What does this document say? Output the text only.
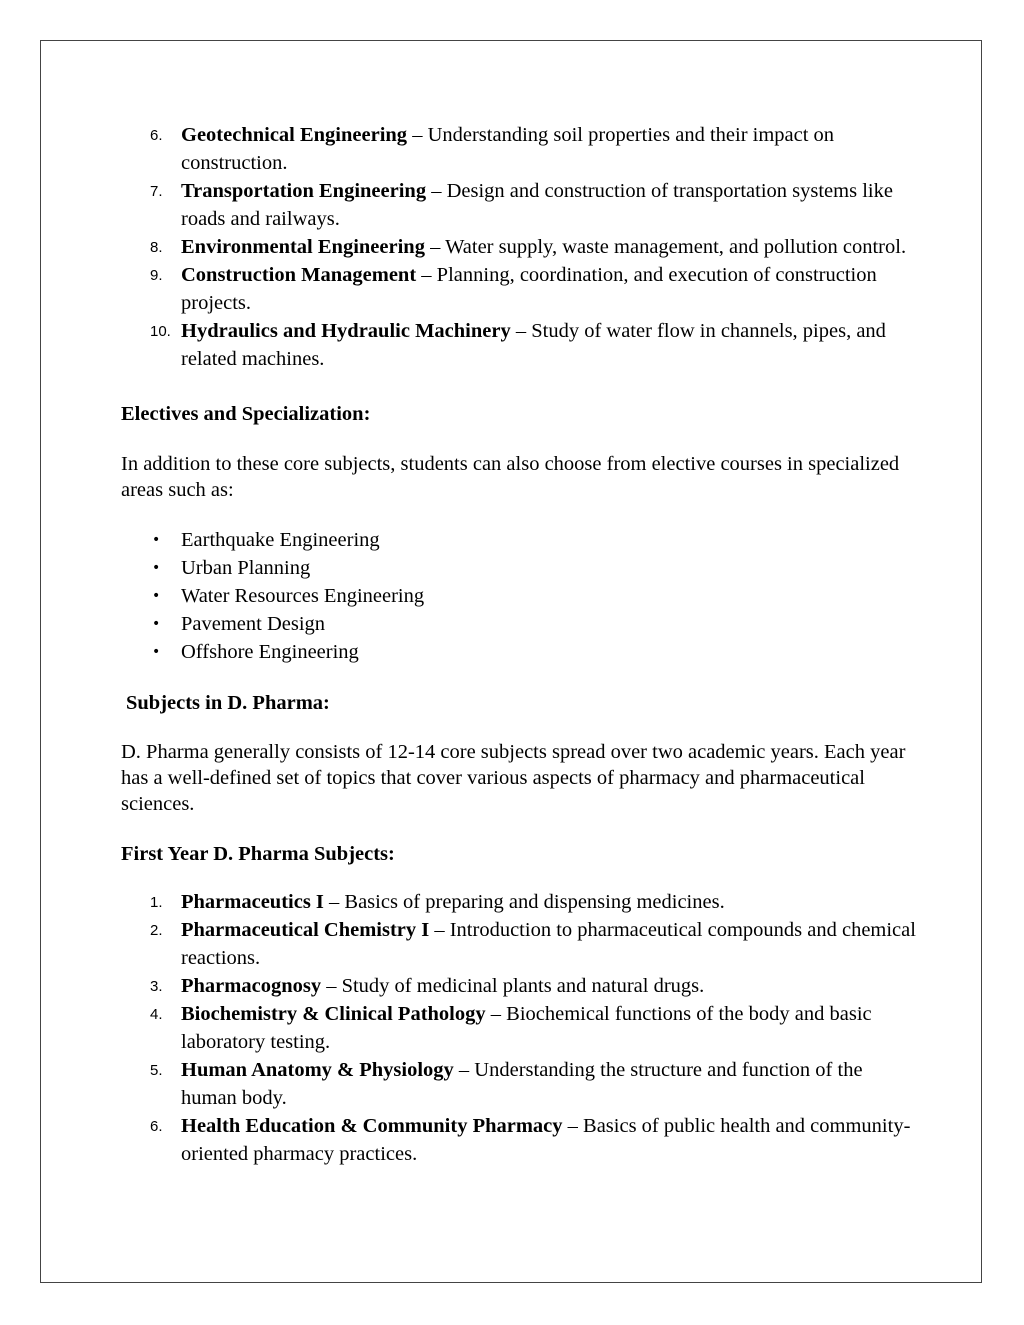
6. Geotechnical Engineering – Understanding soil properties and their impact on construction.
7. Transportation Engineering – Design and construction of transportation systems like roads and railways.
8. Environmental Engineering – Water supply, waste management, and pollution control.
9. Construction Management – Planning, coordination, and execution of construction projects.
10. Hydraulics and Hydraulic Machinery – Study of water flow in channels, pipes, and related machines.
Electives and Specialization:

In addition to these core subjects, students can also choose from elective courses in specialized areas such as:

• Earthquake Engineering
• Urban Planning
• Water Resources Engineering
• Pavement Design
• Offshore Engineering
Subjects in D. Pharma:

D. Pharma generally consists of 12-14 core subjects spread over two academic years. Each year has a well-defined set of topics that cover various aspects of pharmacy and pharmaceutical sciences.

First Year D. Pharma Subjects:
1. Pharmaceutics I – Basics of preparing and dispensing medicines.
2. Pharmaceutical Chemistry I – Introduction to pharmaceutical compounds and chemical reactions.
3. Pharmacognosy – Study of medicinal plants and natural drugs.
4. Biochemistry & Clinical Pathology – Biochemical functions of the body and basic laboratory testing.
5. Human Anatomy & Physiology – Understanding the structure and function of the human body.
6. Health Education & Community Pharmacy – Basics of public health and community-oriented pharmacy practices.
